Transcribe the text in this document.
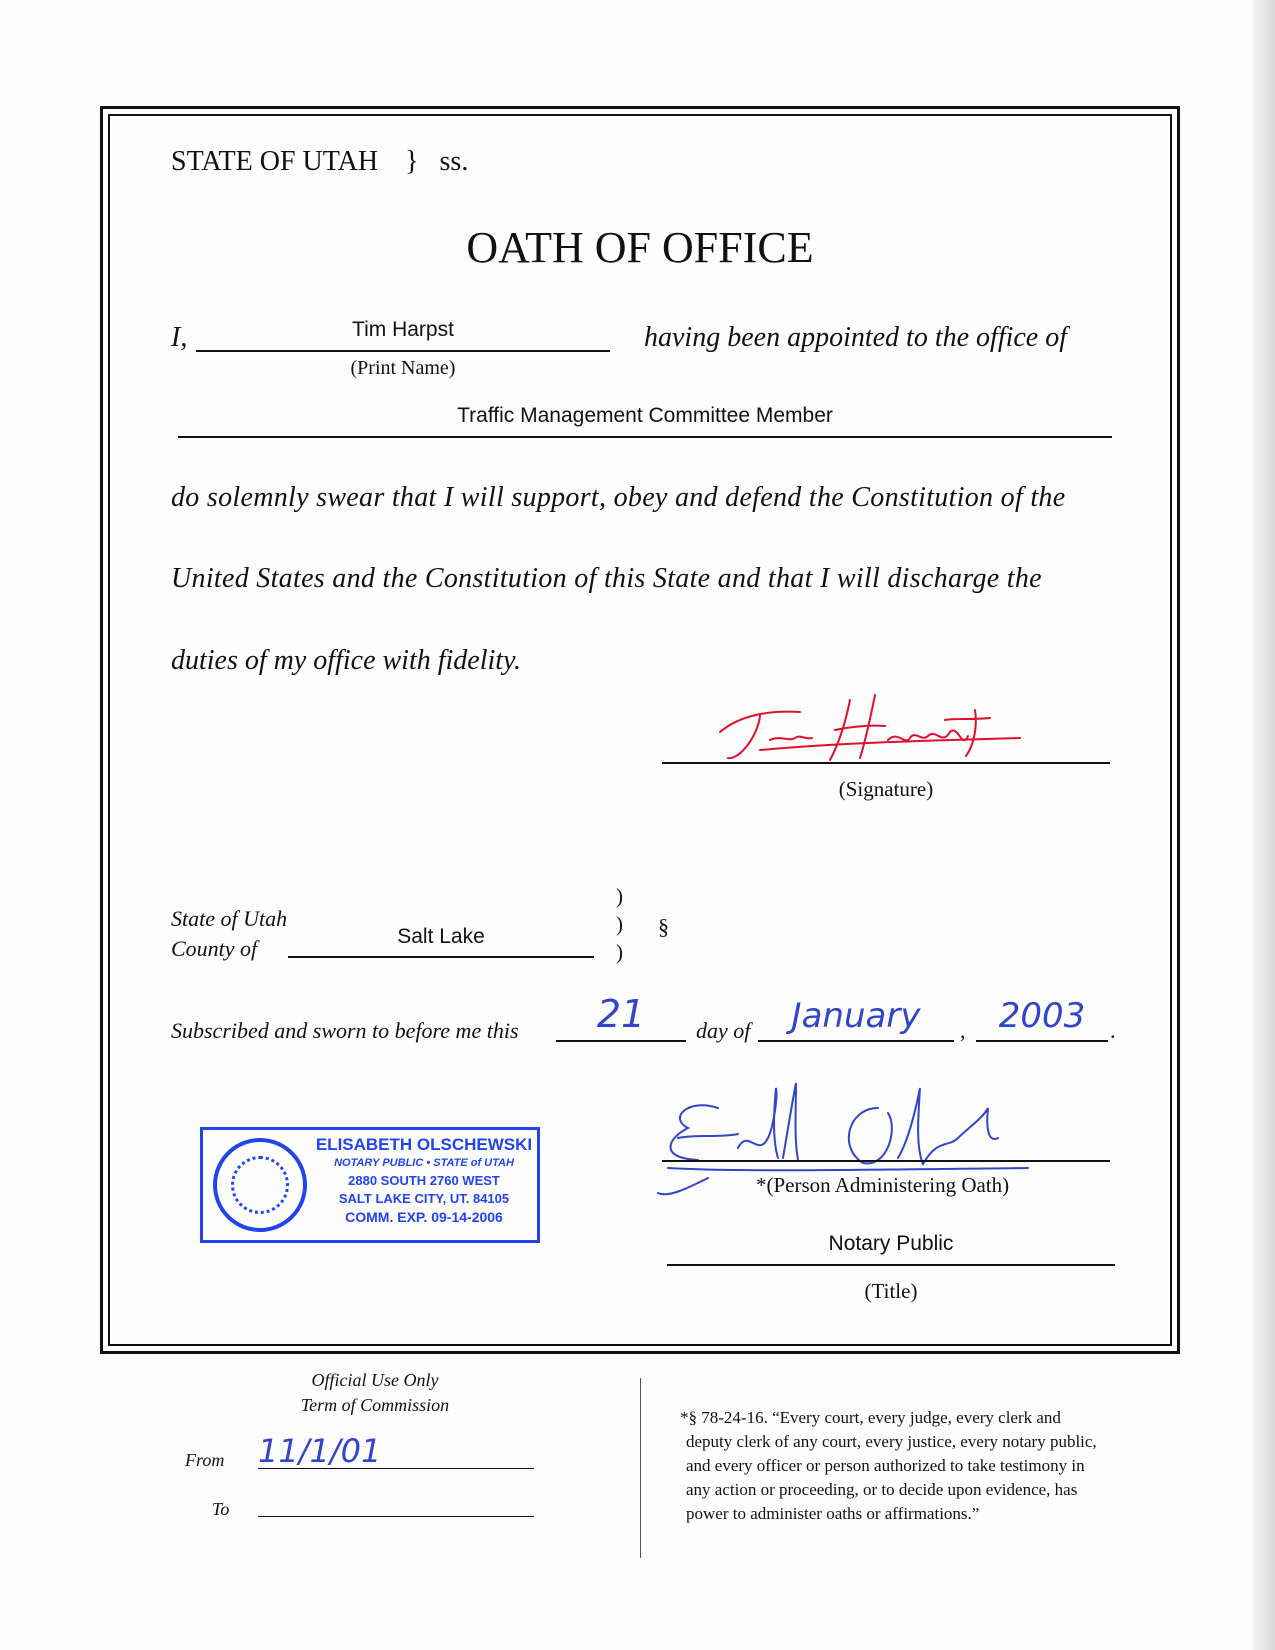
STATE OF UTAH } ss.
OATH OF OFFICE
I,	Tim Harpst
(Print Name)
having been appointed to the office of
Traffic Management Committee Member
do solemnly swear that I will support, obey and defend the Constitution of the
United States and the Constitution of this State and that I will discharge the
duties of my office with fidelity.
(Signature)
State of Utah
County of	Salt Lake
)
)
)
§
Subscribed and sworn to before me this	21	day of	January	, 2003	.
ELISABETH OLSCHEWSKI
NOTARY PUBLIC • STATE of UTAH
2880 SOUTH 2760 WEST
SALT LAKE CITY, UT. 84105
COMM. EXP. 09-14-2006
*(Person Administering Oath)
Notary Public
(Title)
Official Use Only
Term of Commission
From 11/1/01
To
*§ 78-24-16. “Every court, every judge, every clerk and
deputy clerk of any court, every justice, every notary public,
and every officer or person authorized to take testimony in
any action or proceeding, or to decide upon evidence, has
power to administer oaths or affirmations.”
